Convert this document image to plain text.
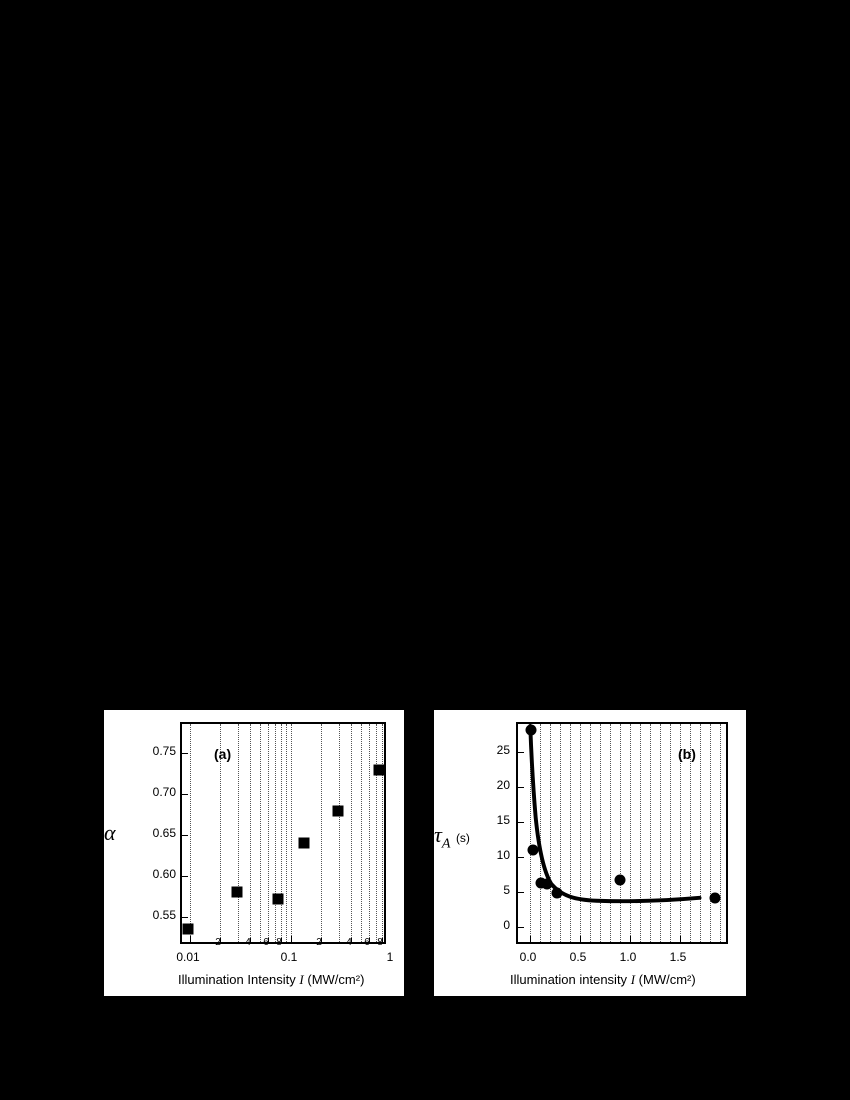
(a)
0.55
0.60
0.65
0.70
0.75
α
0.01	0.1
2 4 6 8	2 4 6 8
1
Illumination Intensity I (MW/cm²)
(b)
0
5
10
15
20
25
$\tau_A$ (s)
0.0	0.5	1.0	1.5
Illumination intensity I (MW/cm²)
